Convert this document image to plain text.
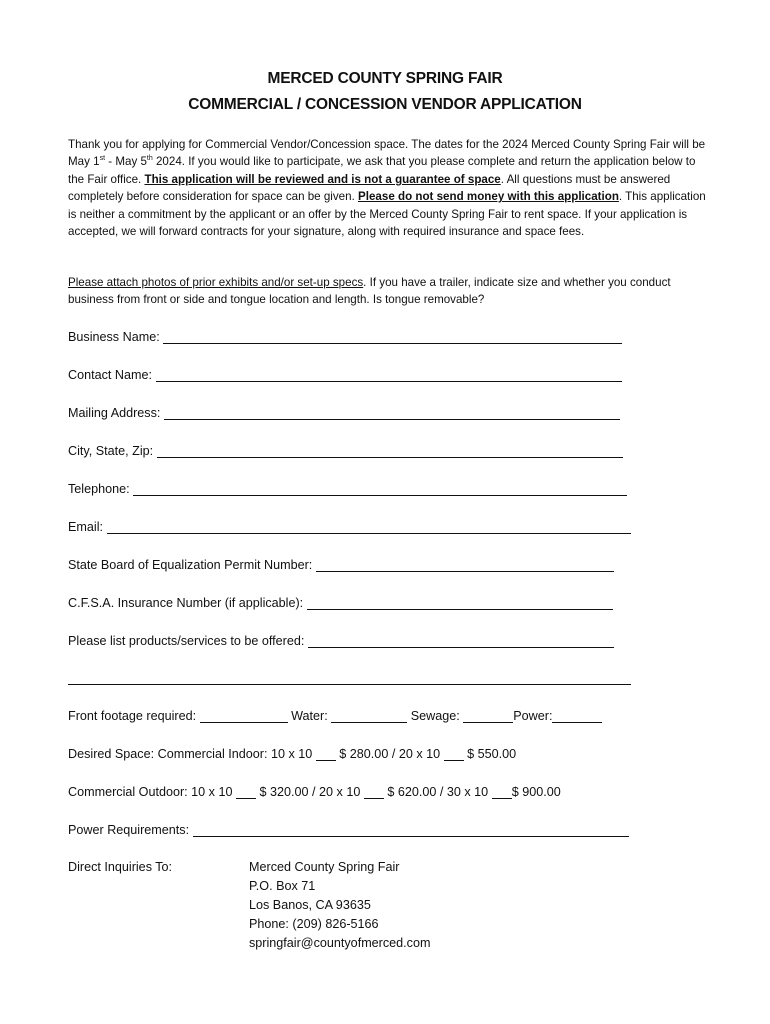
MERCED COUNTY SPRING FAIR
COMMERCIAL / CONCESSION VENDOR APPLICATION

Thank you for applying for Commercial Vendor/Concession space. The dates for the 2024 Merced County Spring Fair will be May 1st - May 5th 2024. If you would like to participate, we ask that you please complete and return the application below to the Fair office. This application will be reviewed and is not a guarantee of space. All questions must be answered completely before consideration for space can be given. Please do not send money with this application. This application is neither a commitment by the applicant or an offer by the Merced County Spring Fair to rent space. If your application is accepted, we will forward contracts for your signature, along with required insurance and space fees.

Please attach photos of prior exhibits and/or set-up specs. If you have a trailer, indicate size and whether you conduct business from front or side and tongue location and length. Is tongue removable?

Business Name:
Contact Name:
Mailing Address:
City, State, Zip:
Telephone:
Email:
State Board of Equalization Permit Number:
C.F.S.A. Insurance Number (if applicable):
Please list products/services to be offered:
Front footage required:	Water:	Sewage:	Power:
Desired Space: Commercial Indoor: 10 x 10 $ 280.00 / 20 x 10 $ 550.00
Commercial Outdoor: 10 x 10 $ 320.00 / 20 x 10 $ 620.00 / 30 x 10 $ 900.00
Power Requirements:
Direct Inquiries To:	Merced County Spring Fair
P.O. Box 71
Los Banos, CA 93635
Phone: (209) 826-5166
springfair@countyofmerced.com
